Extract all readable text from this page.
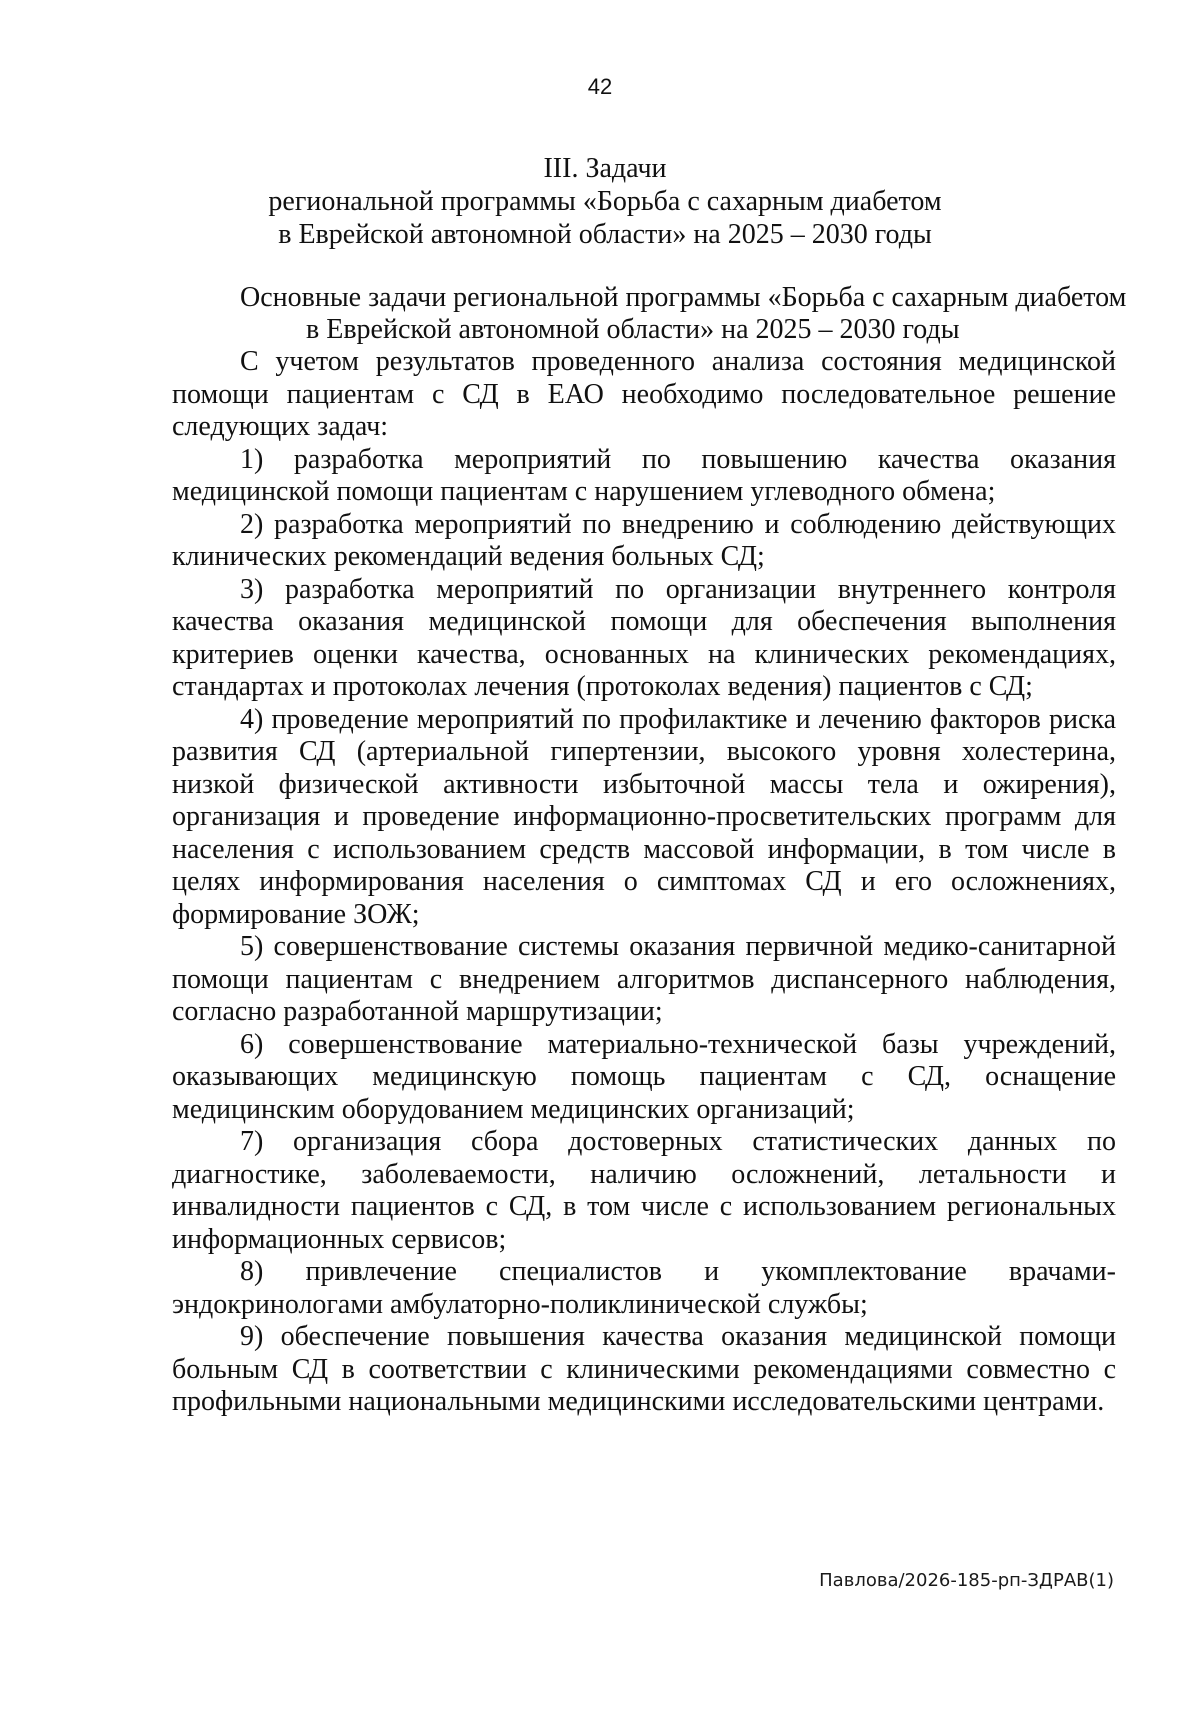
42
III. Задачи
региональной программы «Борьба с сахарным диабетом
в Еврейской автономной области» на 2025 – 2030 годы
Основные задачи региональной программы «Борьба с сахарным диабетом
в Еврейской автономной области» на 2025 – 2030 годы

С учетом результатов проведенного анализа состояния медицинской помощи пациентам с СД в ЕАО необходимо последовательное решение следующих задач:

1) разработка мероприятий по повышению качества оказания медицинской помощи пациентам с нарушением углеводного обмена;

2) разработка мероприятий по внедрению и соблюдению действующих клинических рекомендаций ведения больных СД;

3) разработка мероприятий по организации внутреннего контроля качества оказания медицинской помощи для обеспечения выполнения критериев оценки качества, основанных на клинических рекомендациях, стандартах и протоколах лечения (протоколах ведения) пациентов с СД;

4) проведение мероприятий по профилактике и лечению факторов риска развития СД (артериальной гипертензии, высокого уровня холестерина, низкой физической активности избыточной массы тела и ожирения), организация и проведение информационно-просветительских программ для населения с использованием средств массовой информации, в том числе в целях информирования населения о симптомах СД и его осложнениях, формирование ЗОЖ;

5) совершенствование системы оказания первичной медико-санитарной помощи пациентам с внедрением алгоритмов диспансерного наблюдения, согласно разработанной маршрутизации;

6) совершенствование материально-технической базы учреждений, оказывающих медицинскую помощь пациентам с СД, оснащение медицинским оборудованием медицинских организаций;

7) организация сбора достоверных статистических данных по диагностике, заболеваемости, наличию осложнений, летальности и инвалидности пациентов с СД, в том числе с использованием региональных информационных сервисов;

8) привлечение специалистов и укомплектование врачами-эндокринологами амбулаторно-поликлинической службы;

9) обеспечение повышения качества оказания медицинской помощи больным СД в соответствии с клиническими рекомендациями совместно с профильными национальными медицинскими исследовательскими центрами.

Павлова/2026-185-рп-ЗДРАВ(1)
